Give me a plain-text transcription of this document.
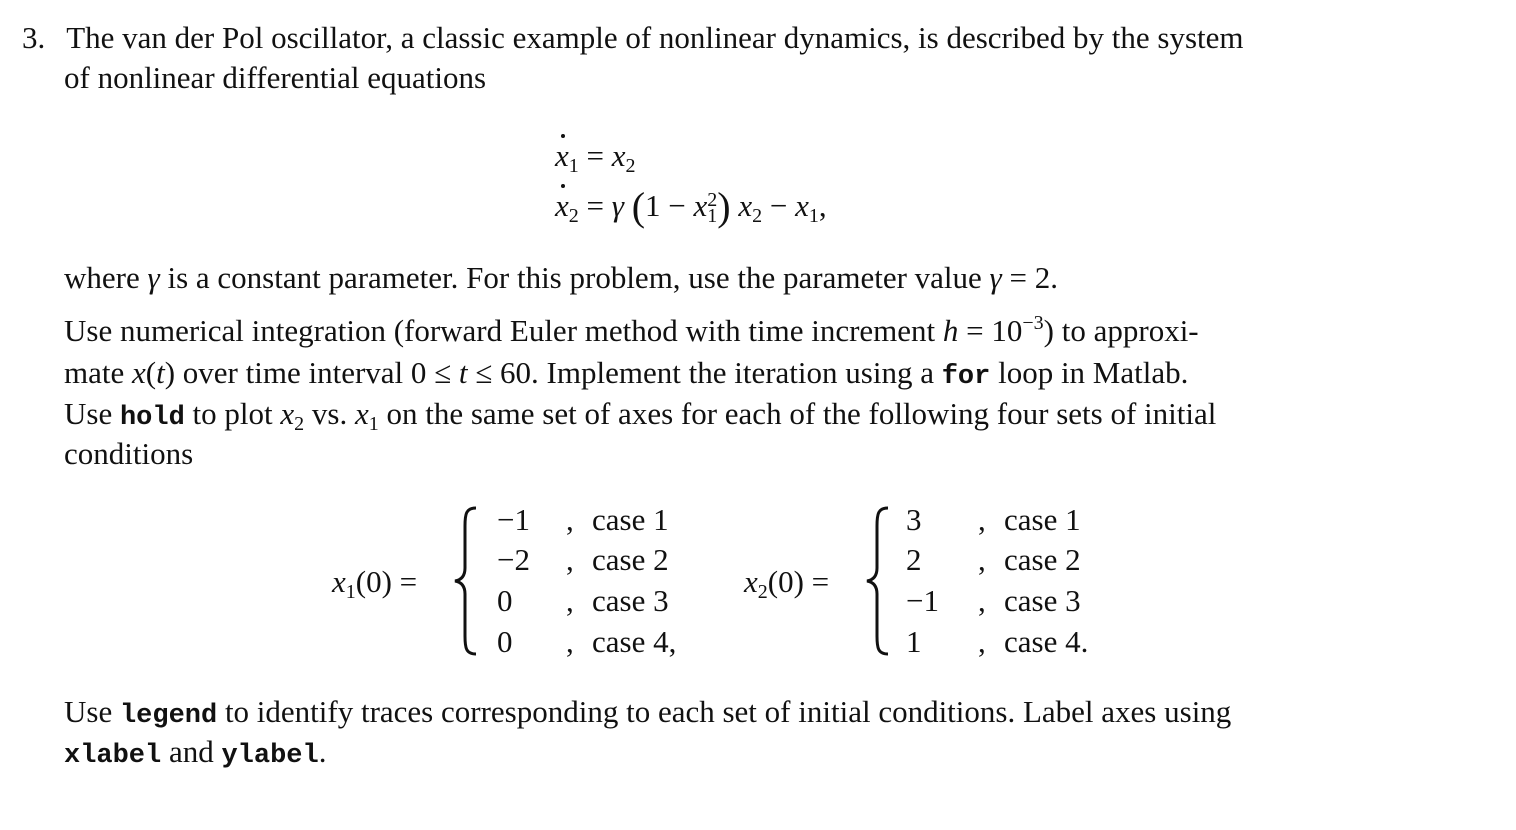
3. The van der Pol oscillator, a classic example of nonlinear dynamics, is described by the system
of nonlinear differential equations
$x_1 = x_2$
$x_2 = \gamma$ $(1 - x^2_1)$ $x_2 - x_1$,
where γ is a constant parameter. For this problem, use the parameter value γ = 2.
Use numerical integration (forward Euler method with time increment $h = 10^{-3}$) to approxi-
mate x(t) over time interval 0 ≤ t ≤ 60. Implement the iteration using a for loop in Matlab.
Use hold to plot $x_2$ vs. $x_1$ on the same set of axes for each of the following four sets of initial
conditions
$x_1(0)$ =
−1 , case 1
−2 , case 2
0 , case 3
0 , case 4,
$x_2(0)$ =
3 , case 1
2 , case 2
−1 , case 3
1 , case 4.
Use legend to identify traces corresponding to each set of initial conditions. Label axes using
xlabel and ylabel.
